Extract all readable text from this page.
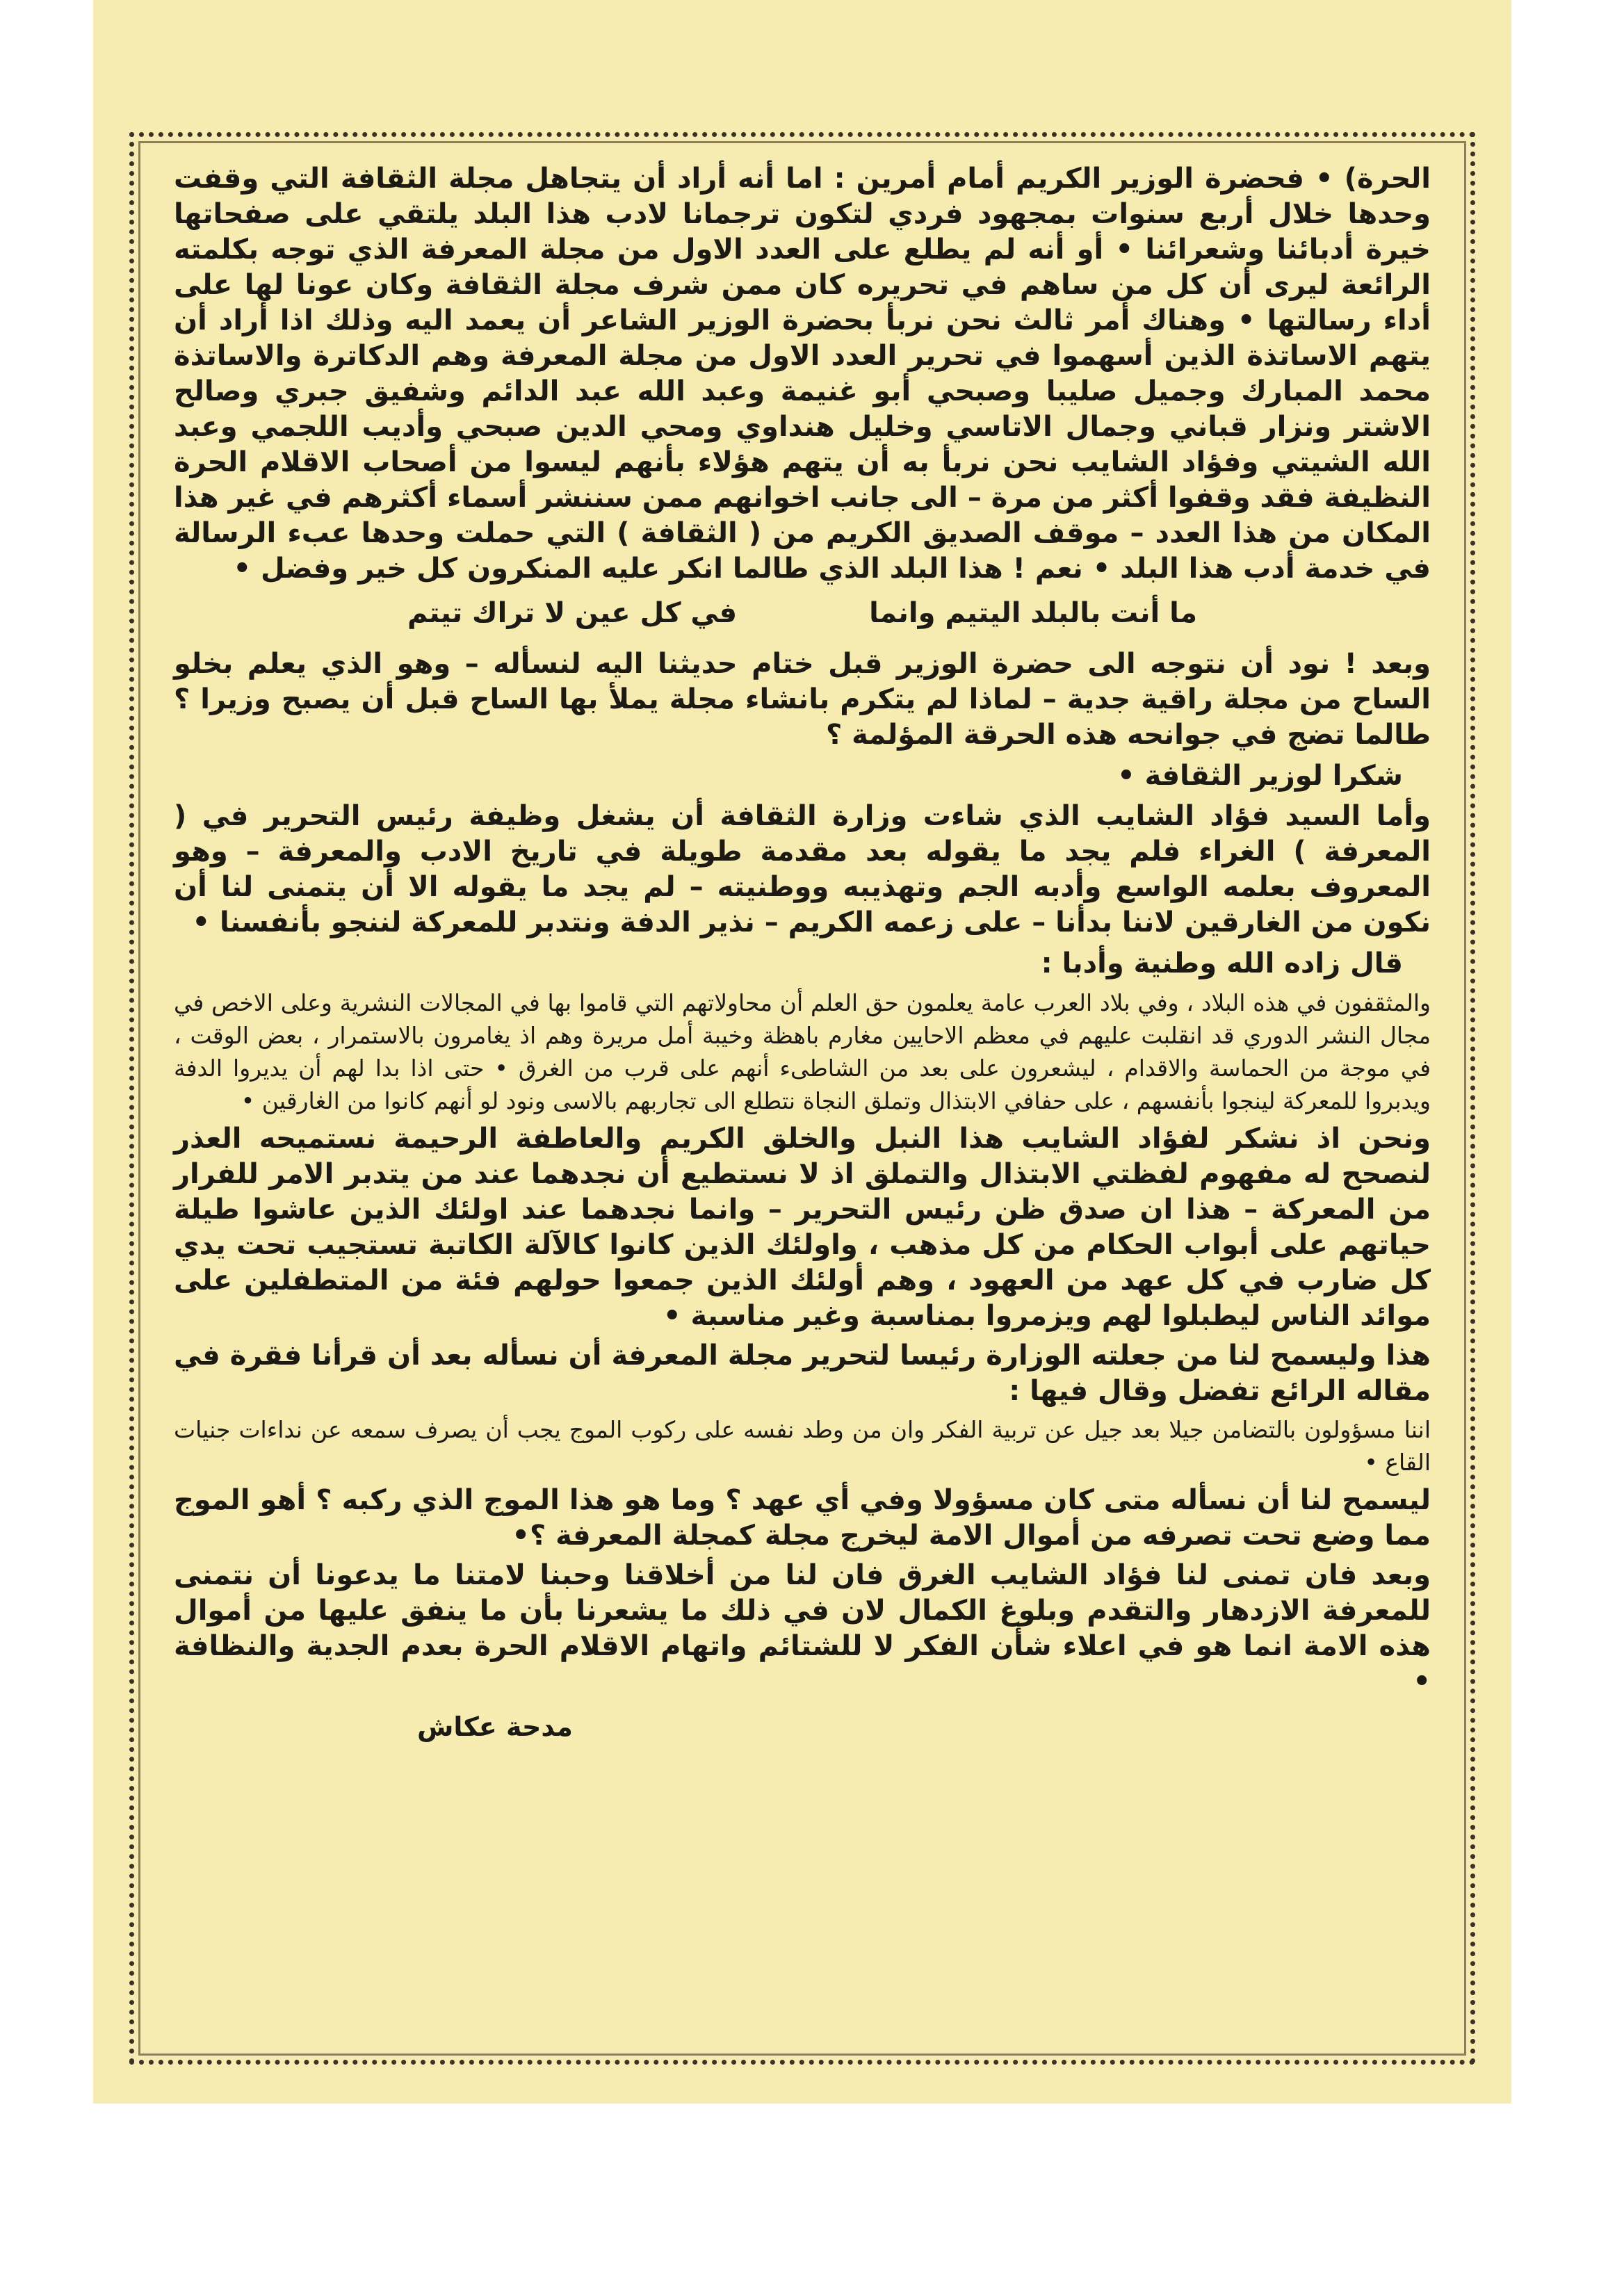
الحرة) • فحضرة الوزير الكريم أمام أمرين : اما أنه أراد أن يتجاهل مجلة الثقافة التي وقفت وحدها خلال أربع سنوات بمجهود فردي لتكون ترجمانا لادب هذا البلد يلتقي على صفحاتها خيرة أدبائنا وشعرائنا • أو أنه لم يطلع على العدد الاول من مجلة المعرفة الذي توجه بكلمته الرائعة ليرى أن كل من ساهم في تحريره كان ممن شرف مجلة الثقافة وكان عونا لها على أداء رسالتها • وهناك أمر ثالث نحن نربأ بحضرة الوزير الشاعر أن يعمد اليه وذلك اذا أراد أن يتهم الاساتذة الذين أسهموا في تحرير العدد الاول من مجلة المعرفة وهم الدكاترة والاساتذة محمد المبارك وجميل صليبا وصبحي أبو غنيمة وعبد الله عبد الدائم وشفيق جبري وصالح الاشتر ونزار قباني وجمال الاتاسي وخليل هنداوي ومحي الدين صبحي وأديب اللجمي وعبد الله الشيتي وفؤاد الشايب نحن نربأ به أن يتهم هؤلاء بأنهم ليسوا من أصحاب الاقلام الحرة النظيفة فقد وقفوا أكثر من مرة – الى جانب اخوانهم ممن سننشر أسماء أكثرهم في غير هذا المكان من هذا العدد – موقف الصديق الكريم من ( الثقافة ) التي حملت وحدها عبء الرسالة في خدمة أدب هذا البلد • نعم ! هذا البلد الذي طالما انكر عليه المنكرون كل خير وفضل •

ما أنت بالبلد اليتيم وانما
في كل عين لا تراك تيتم

وبعد ! نود أن نتوجه الى حضرة الوزير قبل ختام حديثنا اليه لنسأله – وهو الذي يعلم بخلو الساح من مجلة راقية جدية – لماذا لم يتكرم بانشاء مجلة يملأ بها الساح قبل أن يصبح وزيرا ؟ طالما تضج في جوانحه هذه الحرقة المؤلمة ؟

شكرا لوزير الثقافة •

وأما السيد فؤاد الشايب الذي شاءت وزارة الثقافة أن يشغل وظيفة رئيس التحرير في ( المعرفة ) الغراء فلم يجد ما يقوله بعد مقدمة طويلة في تاريخ الادب والمعرفة – وهو المعروف بعلمه الواسع وأدبه الجم وتهذيبه ووطنيته – لم يجد ما يقوله الا أن يتمنى لنا أن نكون من الغارقين لاننا بدأنا – على زعمه الكريم – نذير الدفة ونتدبر للمعركة لننجو بأنفسنا •

قال زاده الله وطنية وأدبا :

والمثقفون في هذه البلاد ، وفي بلاد العرب عامة يعلمون حق العلم أن محاولاتهم التي قاموا بها في المجالات النشرية وعلى الاخص في مجال النشر الدوري قد انقلبت عليهم في معظم الاحايين مغارم باهظة وخيبة أمل مريرة وهم اذ يغامرون بالاستمرار ، بعض الوقت ، في موجة من الحماسة والاقدام ، ليشعرون على بعد من الشاطىء أنهم على قرب من الغرق • حتى اذا بدا لهم أن يديروا الدفة ويدبروا للمعركة لينجوا بأنفسهم ، على حفافي الابتذال وتملق النجاة نتطلع الى تجاربهم بالاسى ونود لو أنهم كانوا من الغارقين •

ونحن اذ نشكر لفؤاد الشايب هذا النبل والخلق الكريم والعاطفة الرحيمة نستميحه العذر لنصحح له مفهوم لفظتي الابتذال والتملق اذ لا نستطيع أن نجدهما عند من يتدبر الامر للفرار من المعركة – هذا ان صدق ظن رئيس التحرير – وانما نجدهما عند اولئك الذين عاشوا طيلة حياتهم على أبواب الحكام من كل مذهب ، واولئك الذين كانوا كالآلة الكاتبة تستجيب تحت يدي كل ضارب في كل عهد من العهود ، وهم أولئك الذين جمعوا حولهم فئة من المتطفلين على موائد الناس ليطبلوا لهم ويزمروا بمناسبة وغير مناسبة •

هذا وليسمح لنا من جعلته الوزارة رئيسا لتحرير مجلة المعرفة أن نسأله بعد أن قرأنا فقرة في مقاله الرائع تفضل وقال فيها :

اننا مسؤولون بالتضامن جيلا بعد جيل عن تربية الفكر وان من وطد نفسه على ركوب الموج يجب أن يصرف سمعه عن نداءات جنيات القاع •

ليسمح لنا أن نسأله متى كان مسؤولا وفي أي عهد ؟ وما هو هذا الموج الذي ركبه ؟ أهو الموج مما وضع تحت تصرفه من أموال الامة ليخرج مجلة كمجلة المعرفة ؟•

وبعد فان تمنى لنا فؤاد الشايب الغرق فان لنا من أخلاقنا وحبنا لامتنا ما يدعونا أن نتمنى للمعرفة الازدهار والتقدم وبلوغ الكمال لان في ذلك ما يشعرنا بأن ما ينفق عليها من أموال هذه الامة انما هو في اعلاء شأن الفكر لا للشتائم واتهام الاقلام الحرة بعدم الجدية والنظافة •

مدحة عكاش
